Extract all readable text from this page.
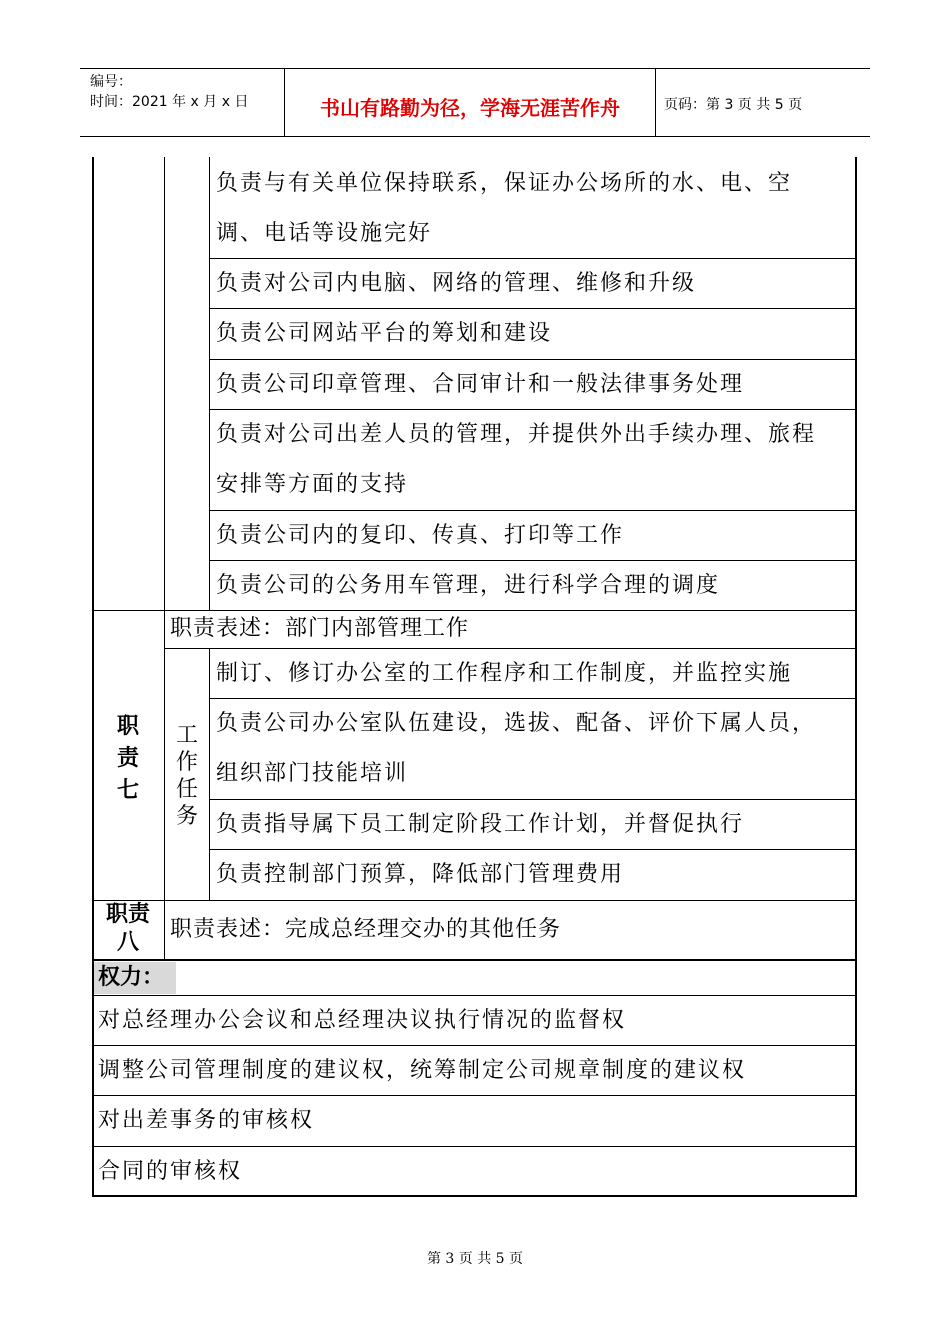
编号：
时间：2021 年 x 月 x 日	书山有路勤为径，学海无涯苦作舟	页码：第 3 页 共 5 页
负责与有关单位保持联系，保证办公场所的水、电、空
调、电话等设施完好
负责对公司内电脑、网络的管理、维修和升级
负责公司网站平台的筹划和建设
负责公司印章管理、合同审计和一般法律事务处理
负责对公司出差人员的管理，并提供外出手续办理、旅程
安排等方面的支持
负责公司内的复印、传真、打印等工作
负责公司的公务用车管理，进行科学合理的调度
职
责
七
职责表述：部门内部管理工作
工
作
任
务
制订、修订办公室的工作程序和工作制度，并监控实施
负责公司办公室队伍建设，选拔、配备、评价下属人员，
组织部门技能培训
负责指导属下员工制定阶段工作计划，并督促执行
负责控制部门预算，降低部门管理费用
职责
八
职责表述：完成总经理交办的其他任务
权力：
对总经理办公会议和总经理决议执行情况的监督权
调整公司管理制度的建议权，统筹制定公司规章制度的建议权
对出差事务的审核权
合同的审核权
第 3 页 共 5 页
